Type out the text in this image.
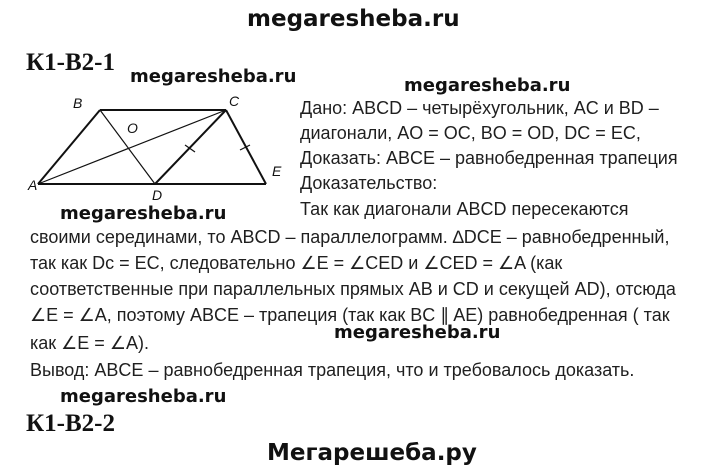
megaresheba.ru
К1-В2-1
megaresheba.ru	megaresheba.ru
B	C
O
A
D
E
Дано: ABCD – четырёхугольник, AC и BD –
диагонали, AO = OC, BO = OD, DC = EC,
Доказать: ABCE – равнобедренная трапеция
Доказательство:
megaresheba.ru	Так как диагонали ABCD пересекаются
своими серединами, то ABCD – параллелограмм. ∆DCE – равнобедренный,
так как Dc = EC, следовательно ∠E = ∠CED и ∠CED = ∠A (как
соответственные при параллельных прямых AB и CD и секущей AD), отсюда
∠E = ∠A, поэтому ABCE – трапеция (так как BC ∥ AE) равнобедренная ( так
megaresheba.ru
как ∠E = ∠A).
Вывод: ABCE – равнобедренная трапеция, что и требовалось доказать.
megaresheba.ru
К1-В2-2
Мегарешеба.ру
